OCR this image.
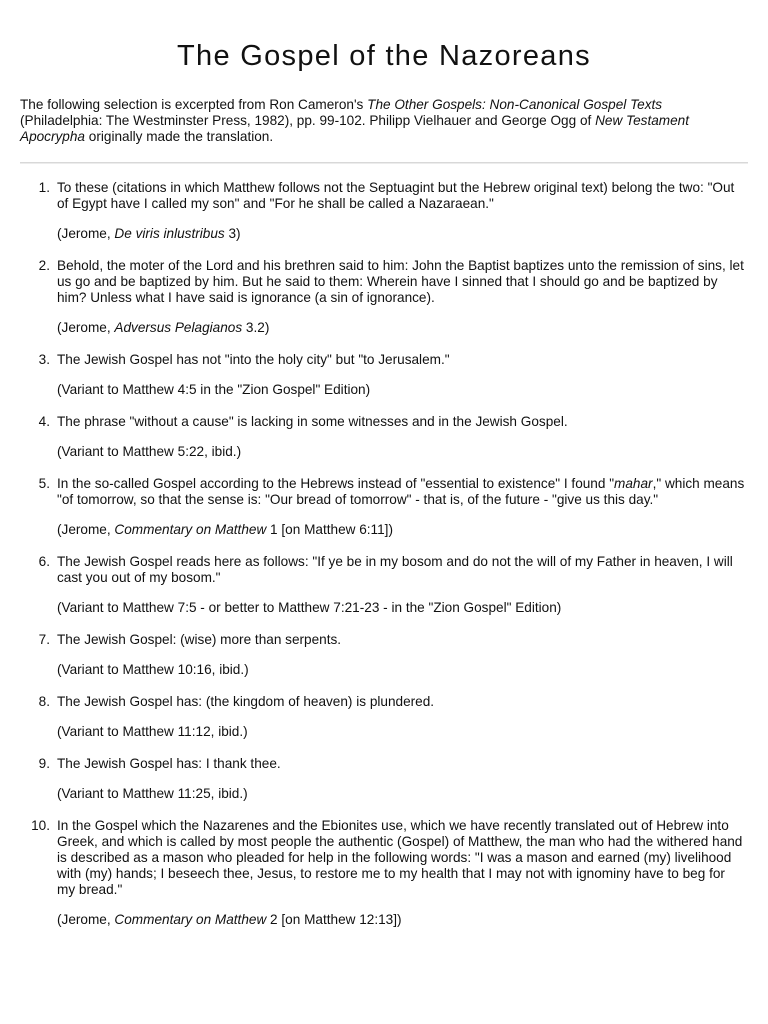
The Gospel of the Nazoreans

The following selection is excerpted from Ron Cameron's The Other Gospels: Non-Canonical Gospel Texts (Philadelphia: The Westminster Press, 1982), pp. 99-102. Philipp Vielhauer and George Ogg of New Testament Apocrypha originally made the translation.

1. To these (citations in which Matthew follows not the Septuagint but the Hebrew original text) belong the two: "Out of Egypt have I called my son" and "For he shall be called a Nazaraean."

(Jerome, De viris inlustribus 3)

2. Behold, the moter of the Lord and his brethren said to him: John the Baptist baptizes unto the remission of sins, let us go and be baptized by him. But he said to them: Wherein have I sinned that I should go and be baptized by him? Unless what I have said is ignorance (a sin of ignorance).

(Jerome, Adversus Pelagianos 3.2)

3. The Jewish Gospel has not "into the holy city" but "to Jerusalem."

(Variant to Matthew 4:5 in the "Zion Gospel" Edition)

4. The phrase "without a cause" is lacking in some witnesses and in the Jewish Gospel.

(Variant to Matthew 5:22, ibid.)

5. In the so-called Gospel according to the Hebrews instead of "essential to existence" I found "mahar," which means "of tomorrow, so that the sense is: "Our bread of tomorrow" - that is, of the future - "give us this day."

(Jerome, Commentary on Matthew 1 [on Matthew 6:11])

6. The Jewish Gospel reads here as follows: "If ye be in my bosom and do not the will of my Father in heaven, I will cast you out of my bosom."

(Variant to Matthew 7:5 - or better to Matthew 7:21-23 - in the "Zion Gospel" Edition)

7. The Jewish Gospel: (wise) more than serpents.

(Variant to Matthew 10:16, ibid.)

8. The Jewish Gospel has: (the kingdom of heaven) is plundered.

(Variant to Matthew 11:12, ibid.)

9. The Jewish Gospel has: I thank thee.

(Variant to Matthew 11:25, ibid.)

10. In the Gospel which the Nazarenes and the Ebionites use, which we have recently translated out of Hebrew into Greek, and which is called by most people the authentic (Gospel) of Matthew, the man who had the withered hand is described as a mason who pleaded for help in the following words: "I was a mason and earned (my) livelihood with (my) hands; I beseech thee, Jesus, to restore me to my health that I may not with ignominy have to beg for my bread."

(Jerome, Commentary on Matthew 2 [on Matthew 12:13])
